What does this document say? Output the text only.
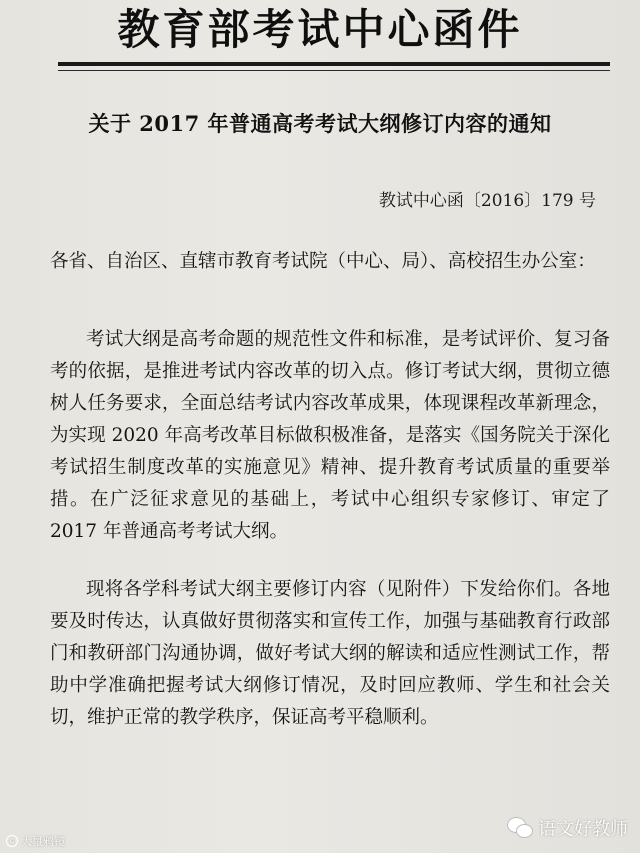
教育部考试中心函件
关于 2017 年普通高考考试大纲修订内容的通知
教试中心函〔2016〕179 号

各省、自治区、直辖市教育考试院（中心、局）、高校招生办公室：

考试大纲是高考命题的规范性文件和标准，是考试评价、复习备考的依据，是推进考试内容改革的切入点。修订考试大纲，贯彻立德树人任务要求，全面总结考试内容改革成果，体现课程改革新理念，为实现 2020 年高考改革目标做积极准备，是落实《国务院关于深化考试招生制度改革的实施意见》精神、提升教育考试质量的重要举措。在广泛征求意见的基础上，考试中心组织专家修订、审定了 2017 年普通高考考试大纲。

现将各学科考试大纲主要修订内容（见附件）下发给你们。各地要及时传达，认真做好贯彻落实和宣传工作，加强与基础教育行政部门和教研部门沟通协调，做好考试大纲的解读和适应性测试工作，帮助中学准确把握考试大纲修订情况，及时回应教师、学生和社会关切，维护正常的教学秩序，保证高考平稳顺利。

语文好教师
c 大鼠鸦镜
